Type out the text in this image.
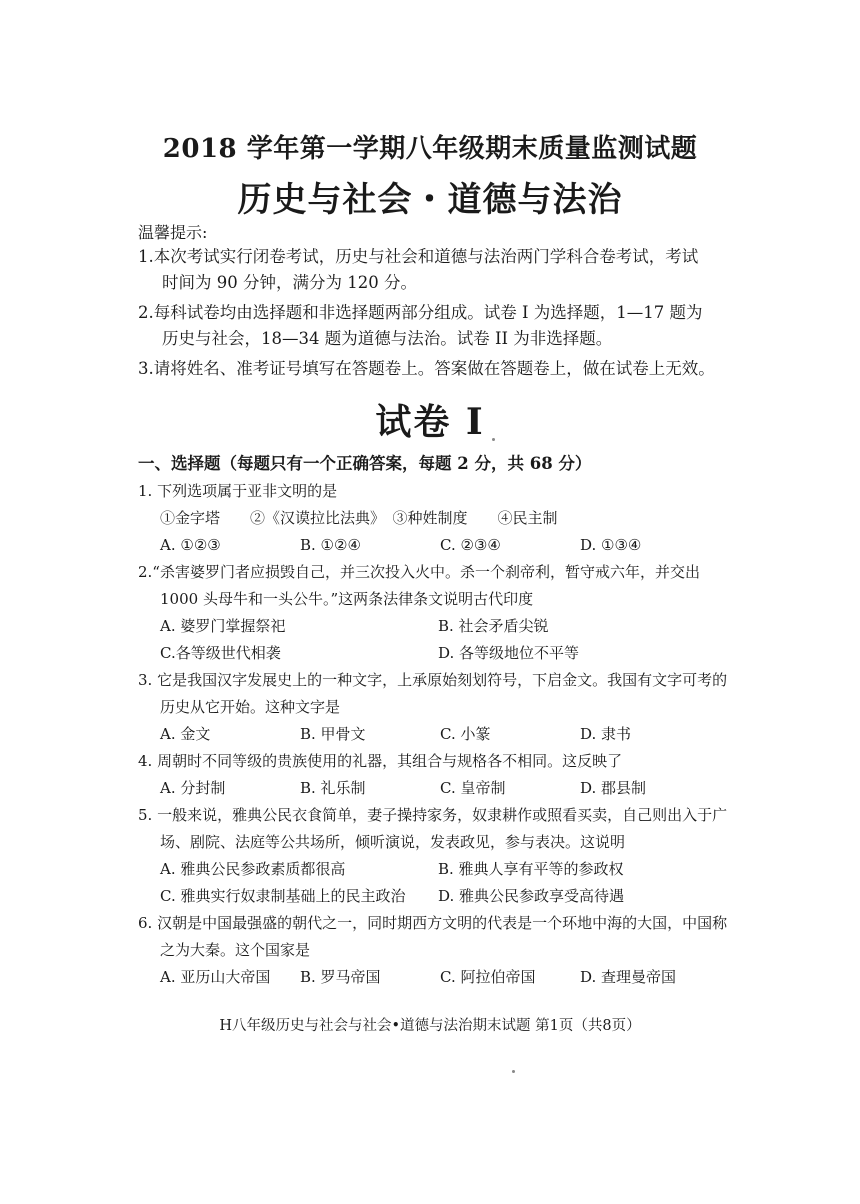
2018 学年第一学期八年级期末质量监测试题
历史与社会・道德与法治
温馨提示:
1.本次考试实行闭卷考试，历史与社会和道德与法治两门学科合卷考试，考试
时间为 90 分钟，满分为 120 分。
2.每科试卷均由选择题和非选择题两部分组成。试卷 I 为选择题，1—17 题为
历史与社会，18—34 题为道德与法治。试卷 II 为非选择题。
3.请将姓名、准考证号填写在答题卷上。答案做在答题卷上，做在试卷上无效。
试卷 I
一、选择题（每题只有一个正确答案，每题 2 分，共 68 分）
1. 下列选项属于亚非文明的是
①金字塔　　②《汉谟拉比法典》　③种姓制度　　④民主制
A. ①②③	B. ①②④	C. ②③④	D. ①③④
2.“杀害婆罗门者应损毁自己，并三次投入火中。杀一个刹帝利，暂守戒六年，并交出
1000 头母牛和一头公牛。”这两条法律条文说明古代印度
A. 婆罗门掌握祭祀	B. 社会矛盾尖锐
C.各等级世代相袭	D. 各等级地位不平等
3. 它是我国汉字发展史上的一种文字，上承原始刻划符号，下启金文。我国有文字可考的
历史从它开始。这种文字是
A. 金文	B. 甲骨文	C. 小篆	D. 隶书
4. 周朝时不同等级的贵族使用的礼器，其组合与规格各不相同。这反映了
A. 分封制	B. 礼乐制	C. 皇帝制	D. 郡县制
5. 一般来说，雅典公民衣食简单，妻子操持家务，奴隶耕作或照看买卖，自己则出入于广
场、剧院、法庭等公共场所，倾听演说，发表政见，参与表决。这说明
A. 雅典公民参政素质都很高	B. 雅典人享有平等的参政权
C. 雅典实行奴隶制基础上的民主政治	D. 雅典公民参政享受高待遇
6. 汉朝是中国最强盛的朝代之一，同时期西方文明的代表是一个环地中海的大国，中国称
之为大秦。这个国家是
A. 亚历山大帝国	B. 罗马帝国	C. 阿拉伯帝国	D. 查理曼帝国
H八年级历史与社会与社会•道德与法治期末试题 第1页（共8页）
